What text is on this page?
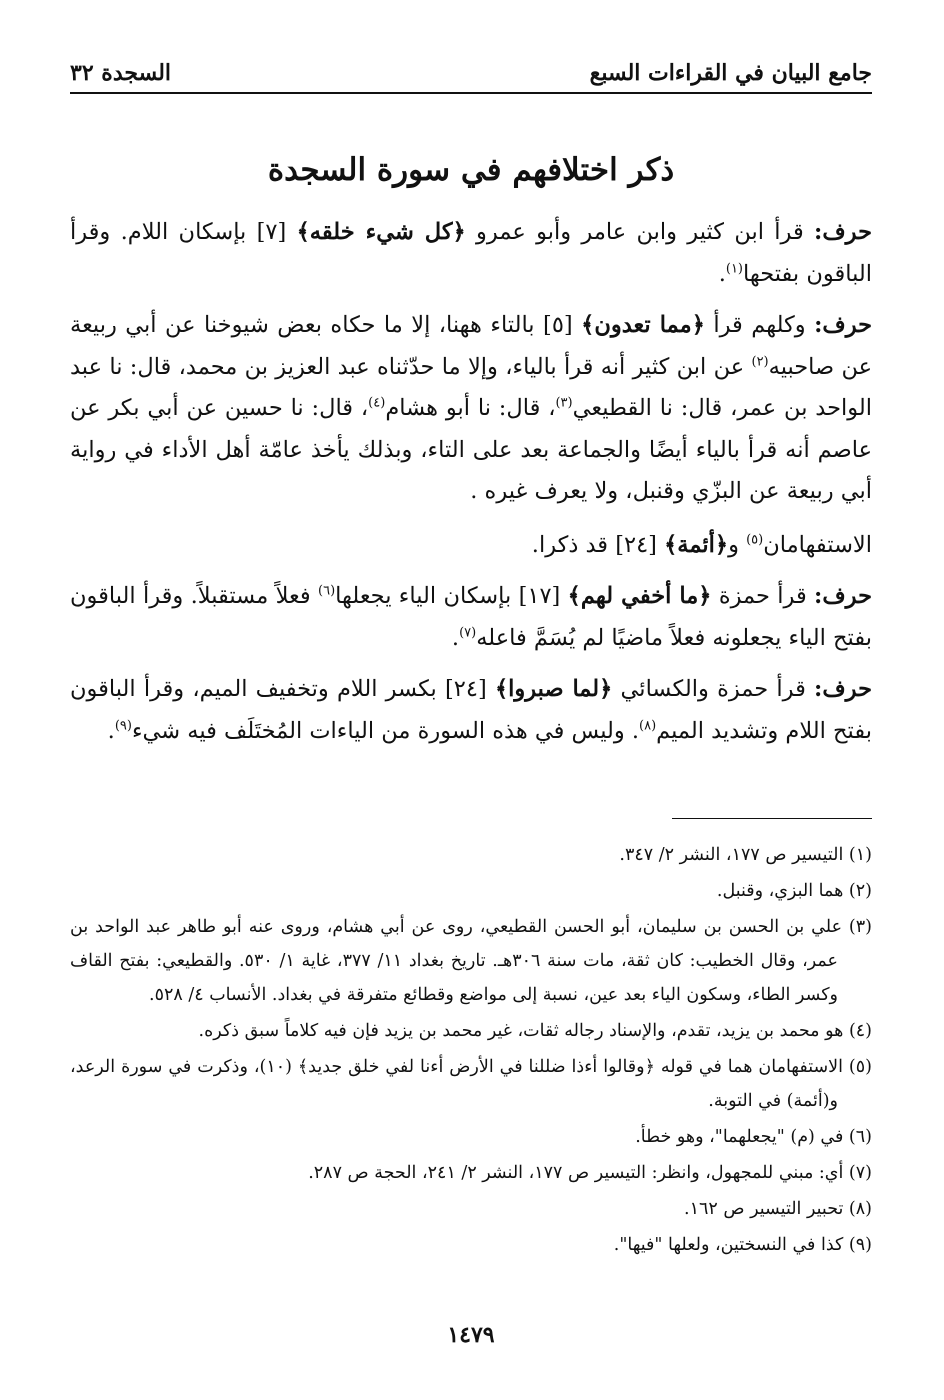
جامع البيان في القراءات السبع
السجدة ٣٢
ذكر اختلافهم في سورة السجدة

حرف: قرأ ابن كثير وابن عامر وأبو عمرو ﴿كل شيء خلقه﴾ [٧] بإسكان اللام. وقرأ الباقون بفتحها$^{(١)}$.

حرف: وكلهم قرأ ﴿مما تعدون﴾ [٥] بالتاء ههنا، إلا ما حكاه بعض شيوخنا عن أبي ربيعة عن صاحبيه$^{(٢)}$ عن ابن كثير أنه قرأ بالياء، وإلا ما حدّثناه عبد العزيز بن محمد، قال: نا عبد الواحد بن عمر، قال: نا القطيعي$^{(٣)}$، قال: نا أبو هشام$^{(٤)}$، قال: نا حسين عن أبي بكر عن عاصم أنه قرأ بالياء أيضًا والجماعة بعد على التاء، وبذلك يأخذ عامّة أهل الأداء في رواية أبي ربيعة عن البزّي وقنبل، ولا يعرف غيره .

الاستفهامان$^{(٥)}$ و﴿أئمة﴾ [٢٤] قد ذكرا.

حرف: قرأ حمزة ﴿ما أخفي لهم﴾ [١٧] بإسكان الياء يجعلها$^{(٦)}$ فعلاً مستقبلاً. وقرأ الباقون بفتح الياء يجعلونه فعلاً ماضيًا لم يُسَمَّ فاعله$^{(٧)}$.

حرف: قرأ حمزة والكسائي ﴿لما صبروا﴾ [٢٤] بكسر اللام وتخفيف الميم، وقرأ الباقون بفتح اللام وتشديد الميم$^{(٨)}$. وليس في هذه السورة من الياءات المُختَلَف فيه شيء$^{(٩)}$.

(١) التيسير ص ١٧٧، النشر ٢/ ٣٤٧.

(٢) هما البزي، وقنبل.

(٣) علي بن الحسن بن سليمان، أبو الحسن القطيعي، روى عن أبي هشام، وروى عنه أبو طاهر عبد الواحد بن عمر، وقال الخطيب: كان ثقة، مات سنة ٣٠٦هـ. تاريخ بغداد ١١/ ٣٧٧، غاية ١/ ٥٣٠. والقطيعي: بفتح القاف وكسر الطاء، وسكون الياء بعد عين، نسبة إلى مواضع وقطائع متفرقة في بغداد. الأنساب ٤/ ٥٢٨.

(٤) هو محمد بن يزيد، تقدم، والإسناد رجاله ثقات، غير محمد بن يزيد فإن فيه كلاماً سبق ذكره.

(٥) الاستفهامان هما في قوله ﴿وقالوا أءذا ضللنا في الأرض أءنا لفي خلق جديد﴾ (١٠)، وذكرت في سورة الرعد، و(أئمة) في التوبة.

(٦) في (م) "يجعلهما"، وهو خطأ.

(٧) أي: مبني للمجهول، وانظر: التيسير ص ١٧٧، النشر ٢/ ٢٤١، الحجة ص ٢٨٧.

(٨) تحبير التيسير ص ١٦٢.

(٩) كذا في النسختين، ولعلها "فيها".

١٤٧٩
